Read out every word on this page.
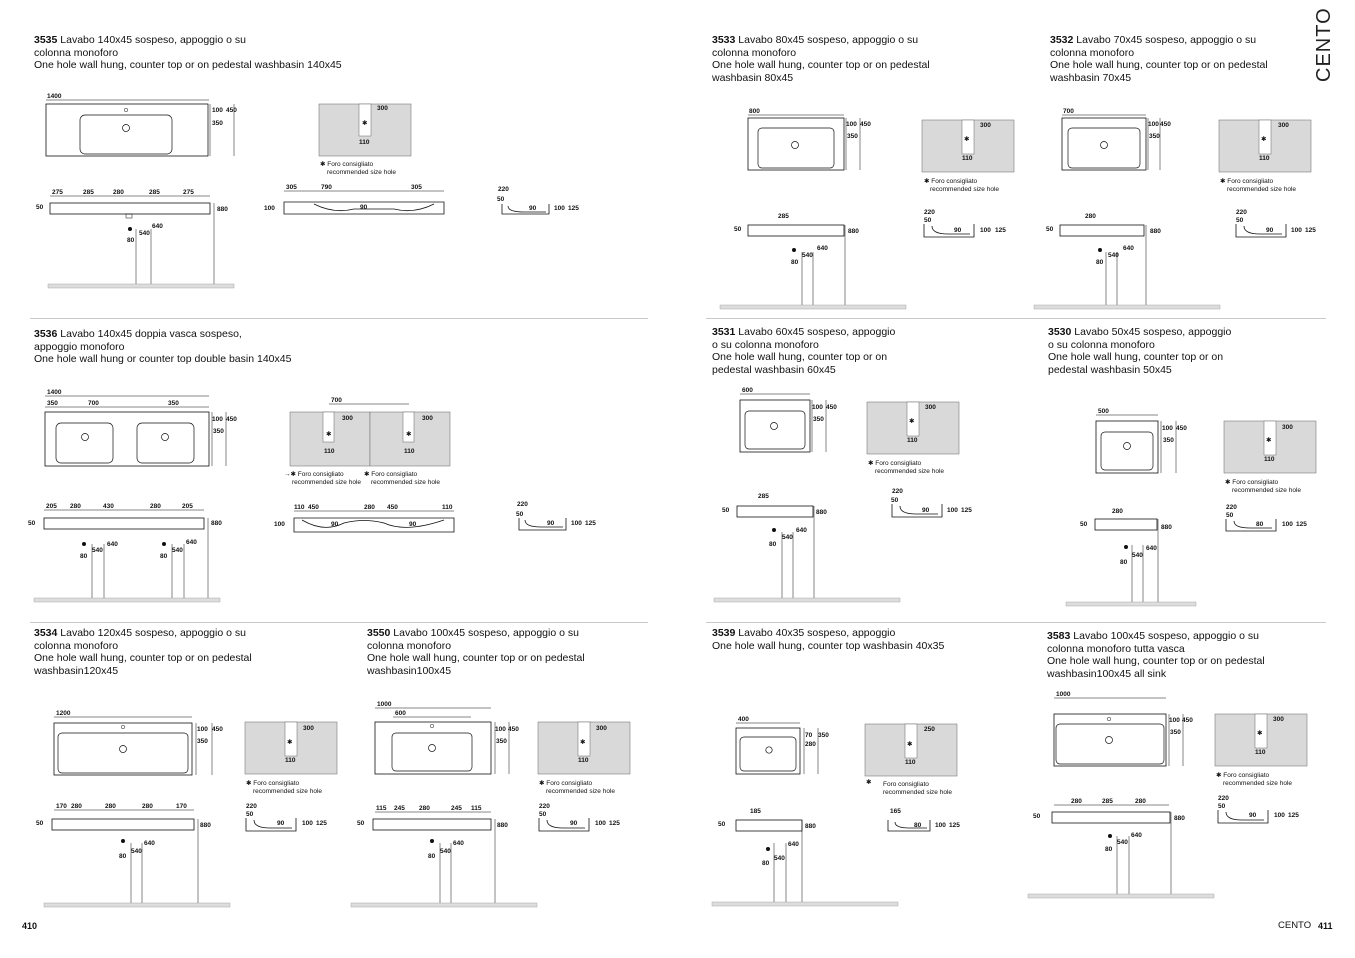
CENTO
3535 Lavabo 140x45 sospeso, appoggio o su
colonna monoforo
One hole wall hung, counter top or on pedestal washbasin 140x45
1400
100 450
350
300
110
✱
✱ Foro consigliato
recommended size hole
275	285	280	285	275
50	880
640
540
80
305	790	305
100	90
220
50
90	100 125
3533 Lavabo 80x45 sospeso, appoggio o su
colonna monoforo
One hole wall hung, counter top or on pedestal
washbasin 80x45
800
100 450
350
300
110
✱
✱ Foro consigliato
recommended size hole
285
50	880
640
540
80
220
50
90	100 125
3532 Lavabo 70x45 sospeso, appoggio o su
colonna monoforo
One hole wall hung, counter top or on pedestal
washbasin 70x45
700
100 450
350
300
110
✱
✱ Foro consigliato
recommended size hole
280
50	880
640
540
80
220
50
90	100 125
3536 Lavabo 140x45 doppia vasca sospeso,
appoggio monoforo
One hole wall hung or counter top double basin 140x45
1400
350	700	350
100 450
350
700
300	300
110	110
✱	✱
→✱ Foro consigliato
recommended size hole
✱ Foro consigliato
recommended size hole
205 280	430	280	205
50	880
640
540
80
640
540
80
110 450	280 450	110
100	90	90
220
50
90	100 125
3531 Lavabo 60x45 sospeso, appoggio
o su colonna monoforo
One hole wall hung, counter top or on
pedestal washbasin 60x45
600
100 450
350
300
110
✱
✱ Foro consigliato
recommended size hole
285
50	880
640
540
80
220
50
90	100 125
3530 Lavabo 50x45 sospeso, appoggio
o su colonna monoforo
One hole wall hung, counter top or on
pedestal washbasin 50x45
500
100 450
350
300
110
✱
✱ Foro consigliato
recommended size hole
280
50	880
640
540
80
220
50
80	100 125
3534 Lavabo 120x45 sospeso, appoggio o su
colonna monoforo
One hole wall hung, counter top or on pedestal
washbasin120x45
1200
100 450
350
300
110
✱
✱ Foro consigliato
recommended size hole
170 280	280	280	170
50	880
640
540
80
220
50
90	100 125
3550 Lavabo 100x45 sospeso, appoggio o su
colonna monoforo
One hole wall hung, counter top or on pedestal
washbasin100x45
1000
600
100 450
350
300
110
✱
✱ Foro consigliato
recommended size hole
115 245 280	245 115
50	880
640
540
80
220
50
90	100 125
3539 Lavabo 40x35 sospeso, appoggio
One hole wall hung, counter top washbasin 40x35
400
70 350
280
250
110
✱
✱ Foro consigliato
recommended size hole
185
50	880
640
540
80
165
80 100 125
3583 Lavabo 100x45 sospeso, appoggio o su
colonna monoforo tutta vasca
One hole wall hung, counter top or on pedestal
washbasin100x45 all sink
1000
100 450
350
300
110
✱
✱ Foro consigliato
recommended size hole
280	285	280
50	880
640
540
80
220
50
90	100 125
410	CENTO 411
